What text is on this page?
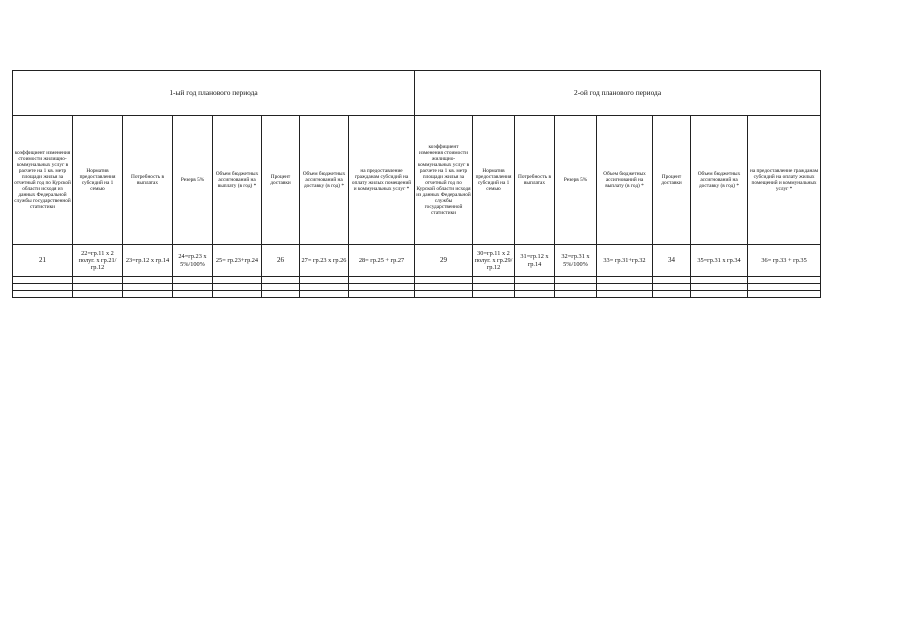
1-ый год планового периода								2-ой год планового периода							
коэффициент изменения стоимости жилищно-коммунальных услуг в расчете на 1 кв. метр площади жилья за отчетный год по Курской области исходя из данных Федеральной службы государственной статистики	Норматив предоставления субсидий на 1 семью	Потребность в выплатах	Резерв 5%	Объем бюджетных ассигнований на выплату (в год) *	Процент доставки	Объем бюджетных ассигнований на доставку (в год) *	на предоставление гражданам субсидий на оплату жилых помещений и коммунальных услуг *	коэффициент изменения стоимости жилищно-коммунальных услуг в расчете на 1 кв. метр площади жилья за отчетный год по Курской области исходя из данных Федеральной службы государственной статистики	Норматив предоставления субсидий на 1 семью	Потребность в выплатах	Резерв 5%	Объем бюджетных ассигнований на выплату (в год) *	Процент доставки	Объем бюджетных ассигнований на доставку (в год) *	на предоставление гражданам субсидий на оплату жилых помещений и коммунальных услуг *
21	22=гр.11 х 2 полуг. х гр.21/гр.12	23=гр.12 х гр.14	24=гр.23 х 5%/100%	25= гр.23+гр.24	26	27= гр.23 х гр.26	28= гр.25 + гр.27	29	30=гр.11 х 2 полуг. х гр.29/гр.12	31=гр.12 х гр.14	32=гр.31 х 5%/100%	33= гр.31+гр.32	34	35=гр.31 х гр.34	36= гр.33 + гр.35
